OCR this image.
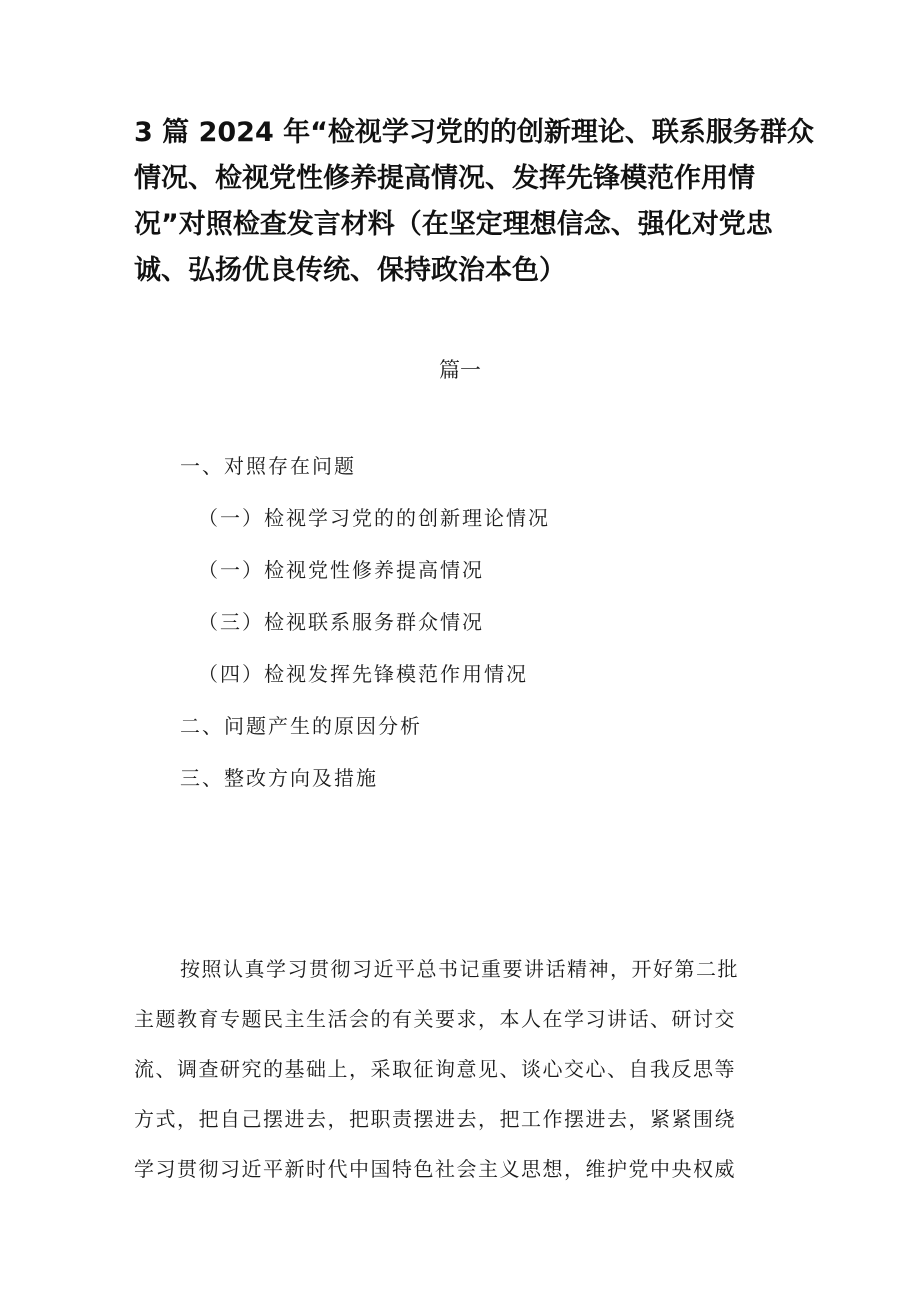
3 篇 2024 年“检视学习党的的创新理论、联系服务群众
情况、检视党性修养提高情况、发挥先锋模范作用情
况”对照检查发言材料（在坚定理想信念、强化对党忠
诚、弘扬优良传统、保持政治本色）
篇一
一、对照存在问题
（一）检视学习党的的创新理论情况
（一）检视党性修养提高情况
（三）检视联系服务群众情况
（四）检视发挥先锋模范作用情况
二、问题产生的原因分析
三、整改方向及措施
按照认真学习贯彻习近平总书记重要讲话精神，开好第二批
主题教育专题民主生活会的有关要求，本人在学习讲话、研讨交
流、调查研究的基础上，采取征询意见、谈心交心、自我反思等
方式，把自己摆进去，把职责摆进去，把工作摆进去，紧紧围绕
学习贯彻习近平新时代中国特色社会主义思想，维护党中央权威
